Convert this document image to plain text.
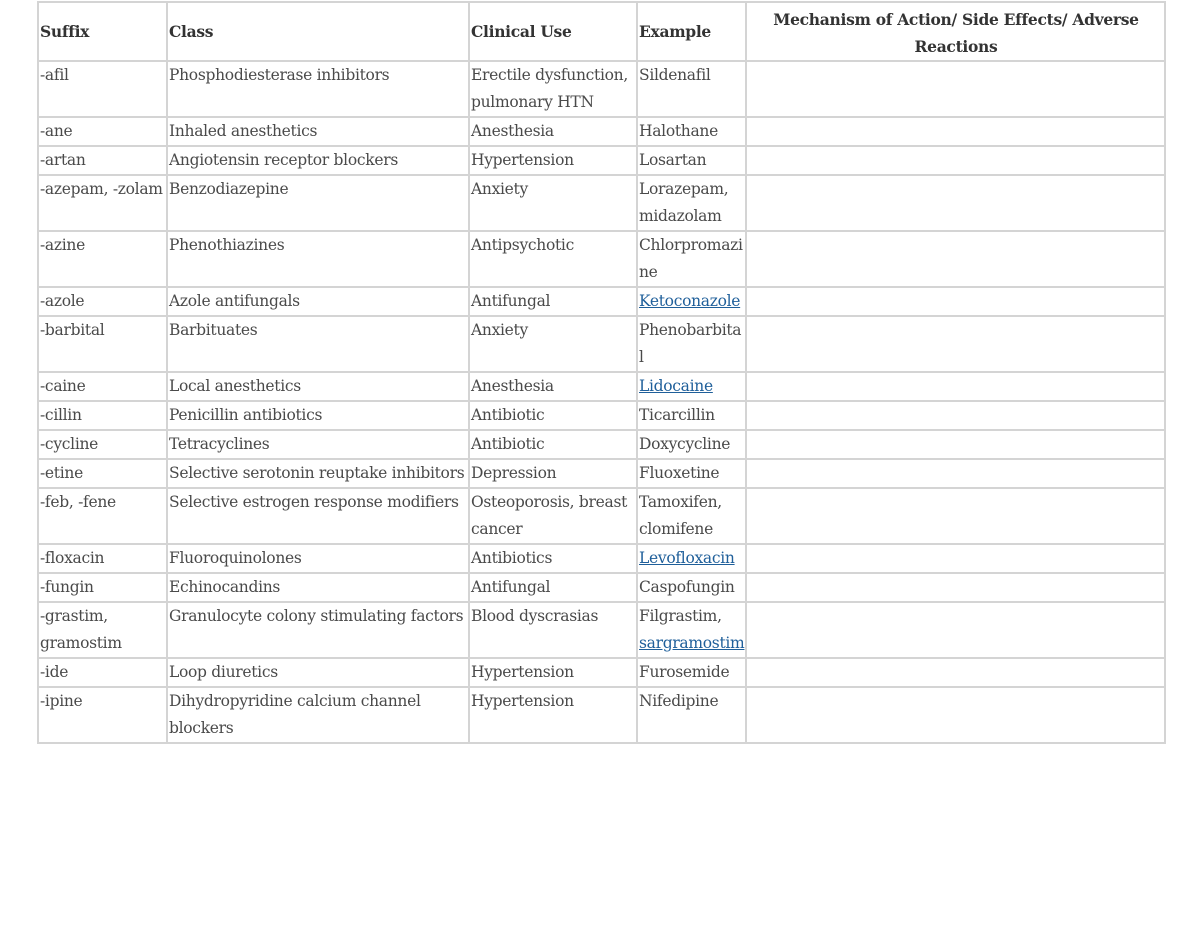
Suffix	Class	Clinical Use	Example	Mechanism of Action/ Side Effects/ Adverse Reactions
-afil	Phosphodiesterase inhibitors	Erectile dysfunction, pulmonary HTN	Sildenafil	
-ane	Inhaled anesthetics	Anesthesia	Halothane	
-artan	Angiotensin receptor blockers	Hypertension	Losartan	
-azepam, -zolam	Benzodiazepine	Anxiety	Lorazepam, midazolam	
-azine	Phenothiazines	Antipsychotic	Chlorpromazine	
-azole	Azole antifungals	Antifungal	Ketoconazole	
-barbital	Barbituates	Anxiety	Phenobarbital	
-caine	Local anesthetics	Anesthesia	Lidocaine	
-cillin	Penicillin antibiotics	Antibiotic	Ticarcillin	
-cycline	Tetracyclines	Antibiotic	Doxycycline	
-etine	Selective serotonin reuptake inhibitors	Depression	Fluoxetine	
-feb, -fene	Selective estrogen response modifiers	Osteoporosis, breast cancer	Tamoxifen, clomifene	
-floxacin	Fluoroquinolones	Antibiotics	Levofloxacin	
-fungin	Echinocandins	Antifungal	Caspofungin	
-grastim, gramostim	Granulocyte colony stimulating factors	Blood dyscrasias	Filgrastim, sargramostim	
-ide	Loop diuretics	Hypertension	Furosemide	
-ipine	Dihydropyridine calcium channel blockers	Hypertension	Nifedipine	
